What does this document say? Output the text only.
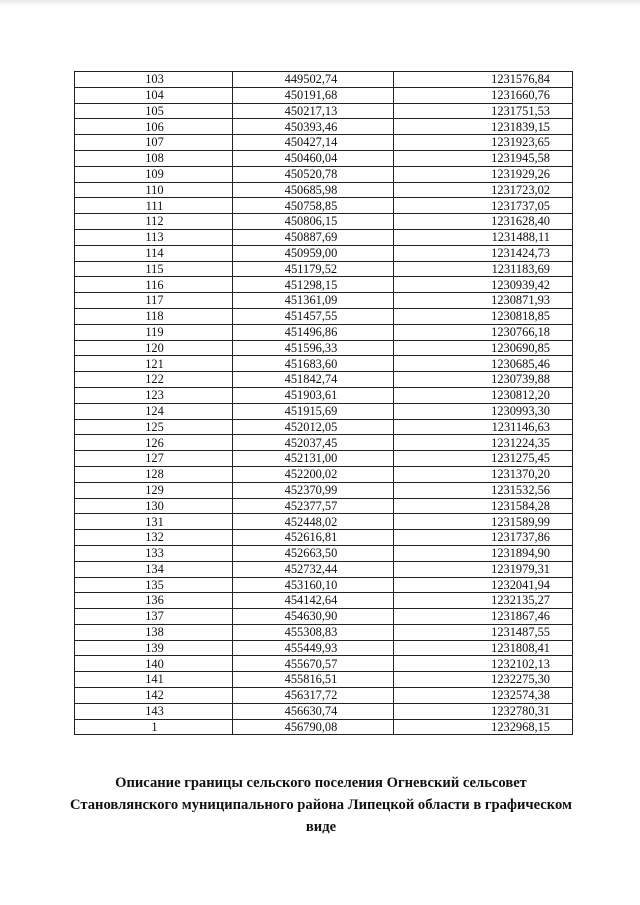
103	449502,74	1231576,84
104	450191,68	1231660,76
105	450217,13	1231751,53
106	450393,46	1231839,15
107	450427,14	1231923,65
108	450460,04	1231945,58
109	450520,78	1231929,26
110	450685,98	1231723,02
111	450758,85	1231737,05
112	450806,15	1231628,40
113	450887,69	1231488,11
114	450959,00	1231424,73
115	451179,52	1231183,69
116	451298,15	1230939,42
117	451361,09	1230871,93
118	451457,55	1230818,85
119	451496,86	1230766,18
120	451596,33	1230690,85
121	451683,60	1230685,46
122	451842,74	1230739,88
123	451903,61	1230812,20
124	451915,69	1230993,30
125	452012,05	1231146,63
126	452037,45	1231224,35
127	452131,00	1231275,45
128	452200,02	1231370,20
129	452370,99	1231532,56
130	452377,57	1231584,28
131	452448,02	1231589,99
132	452616,81	1231737,86
133	452663,50	1231894,90
134	452732,44	1231979,31
135	453160,10	1232041,94
136	454142,64	1232135,27
137	454630,90	1231867,46
138	455308,83	1231487,55
139	455449,93	1231808,41
140	455670,57	1232102,13
141	455816,51	1232275,30
142	456317,72	1232574,38
143	456630,74	1232780,31
1	456790,08	1232968,15
Описание границы сельского поселения Огневский сельсовет
Становлянского муниципального района Липецкой области в графическом
виде
